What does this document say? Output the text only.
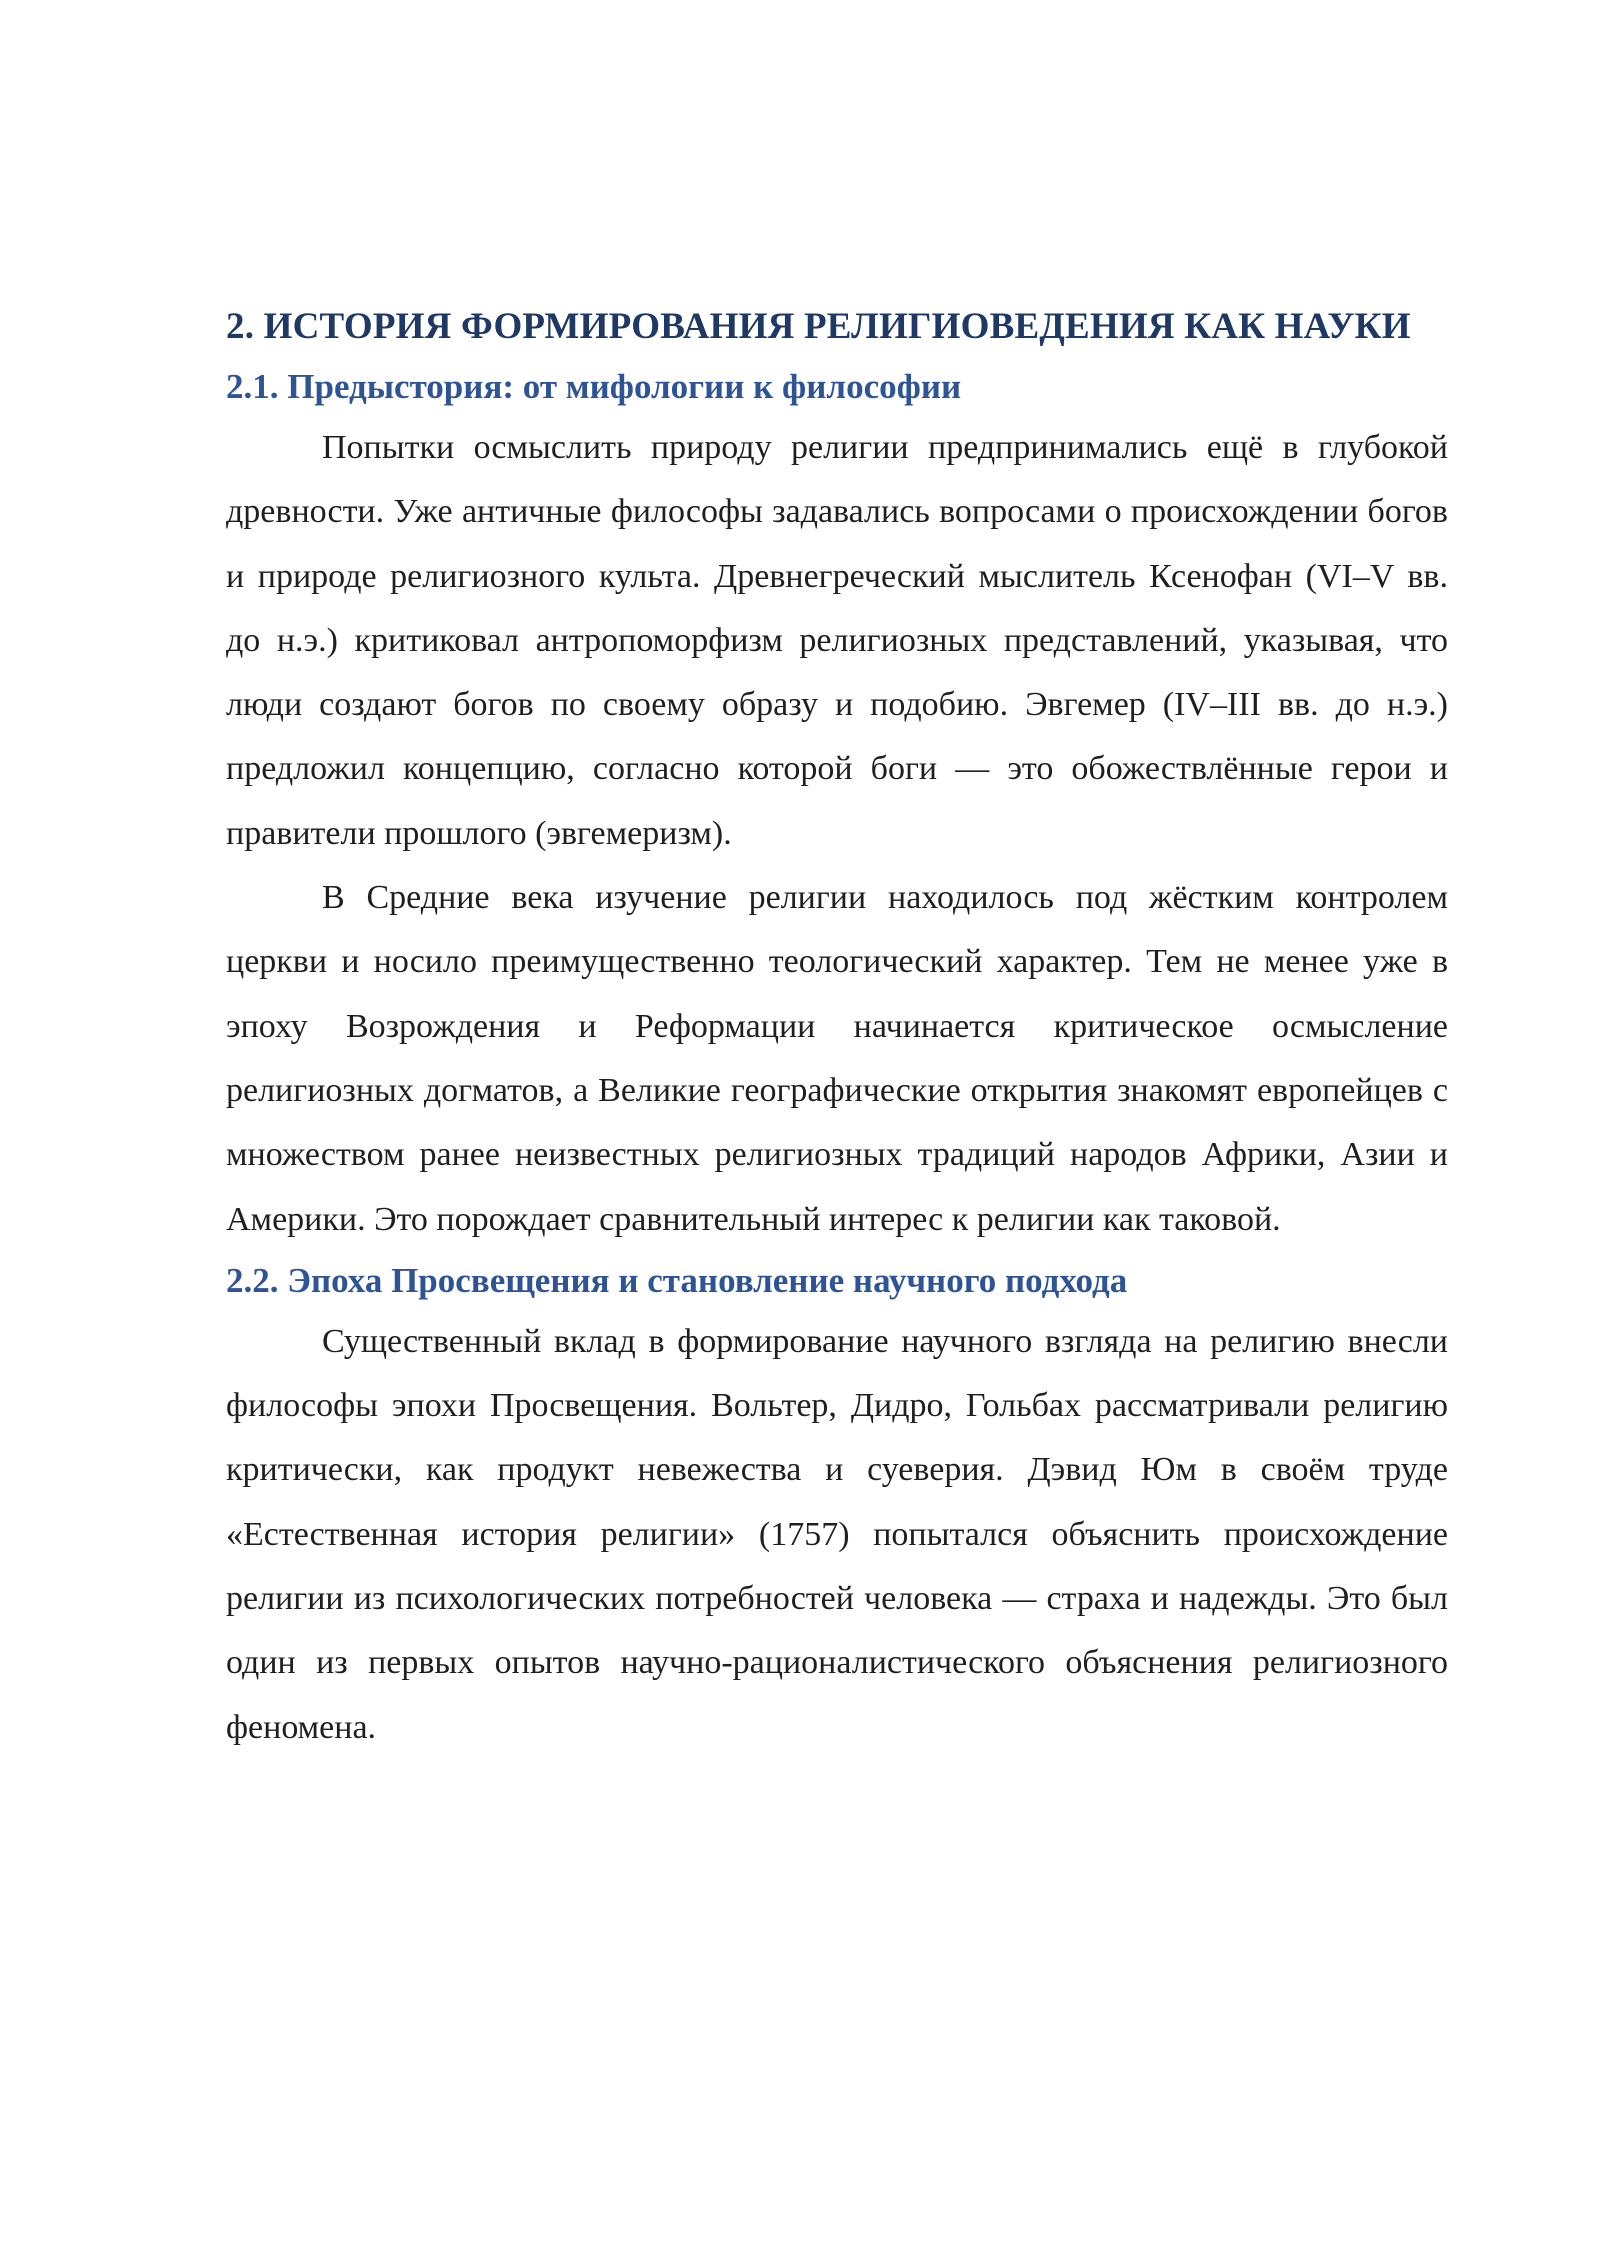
2. ИСТОРИЯ ФОРМИРОВАНИЯ РЕЛИГИОВЕДЕНИЯ КАК НАУКИ
2.1. Предыстория: от мифологии к философии

Попытки осмыслить природу религии предпринимались ещё в глубокой древности. Уже античные философы задавались вопросами о происхождении богов и природе религиозного культа. Древнегреческий мыслитель Ксенофан (VI–V вв. до н.э.) критиковал антропоморфизм религиозных представлений, указывая, что люди создают богов по своему образу и подобию. Эвгемер (IV–III вв. до н.э.) предложил концепцию, согласно которой боги — это обожествлённые герои и правители прошлого (эвгемеризм).

В Средние века изучение религии находилось под жёстким контролем церкви и носило преимущественно теологический характер. Тем не менее уже в эпоху Возрождения и Реформации начинается критическое осмысление религиозных догматов, а Великие географические открытия знакомят европейцев с множеством ранее неизвестных религиозных традиций народов Африки, Азии и Америки. Это порождает сравнительный интерес к религии как таковой.

2.2. Эпоха Просвещения и становление научного подхода

Существенный вклад в формирование научного взгляда на религию внесли философы эпохи Просвещения. Вольтер, Дидро, Гольбах рассматривали религию критически, как продукт невежества и суеверия. Дэвид Юм в своём труде «Естественная история религии» (1757) попытался объяснить происхождение религии из психологических потребностей человека — страха и надежды. Это был один из первых опытов научно-рационалистического объяснения религиозного феномена.
